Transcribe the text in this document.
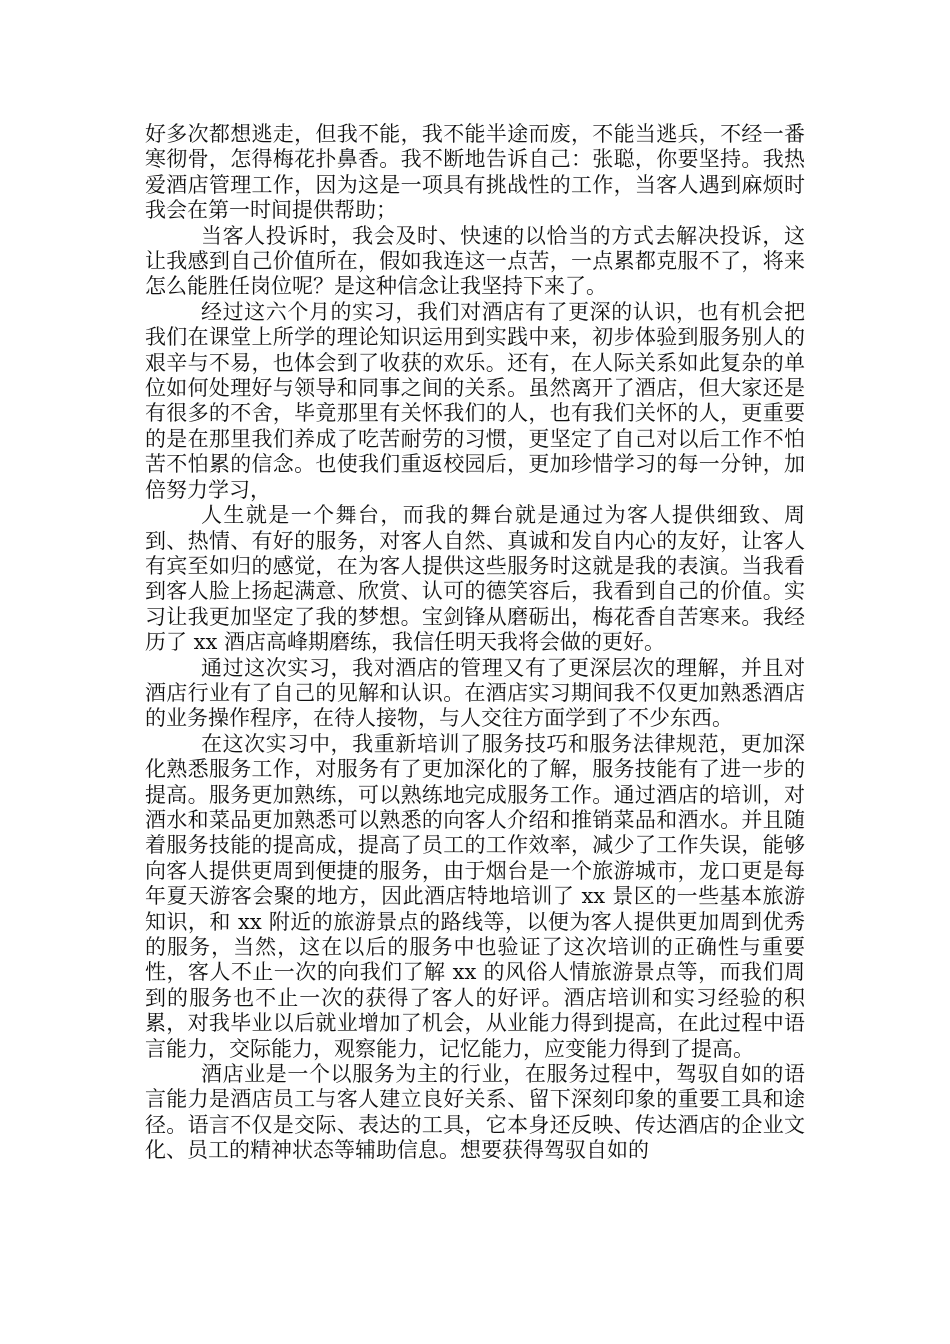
好多次都想逃走，但我不能，我不能半途而废，不能当逃兵，不经一番寒彻骨，怎得梅花扑鼻香。我不断地告诉自己：张聪，你要坚持。我热爱酒店管理工作，因为这是一项具有挑战性的工作，当客人遇到麻烦时我会在第一时间提供帮助；

当客人投诉时，我会及时、快速的以恰当的方式去解决投诉，这让我感到自己价值所在，假如我连这一点苦，一点累都克服不了，将来怎么能胜任岗位呢？是这种信念让我坚持下来了。

经过这六个月的实习，我们对酒店有了更深的认识，也有机会把我们在课堂上所学的理论知识运用到实践中来，初步体验到服务别人的艰辛与不易，也体会到了收获的欢乐。还有，在人际关系如此复杂的单位如何处理好与领导和同事之间的关系。虽然离开了酒店，但大家还是有很多的不舍，毕竟那里有关怀我们的人，也有我们关怀的人，更重要的是在那里我们养成了吃苦耐劳的习惯，更坚定了自己对以后工作不怕苦不怕累的信念。也使我们重返校园后，更加珍惜学习的每一分钟，加倍努力学习，

人生就是一个舞台，而我的舞台就是通过为客人提供细致、周到、热情、有好的服务，对客人自然、真诚和发自内心的友好，让客人有宾至如归的感觉，在为客人提供这些服务时这就是我的表演。当我看到客人脸上扬起满意、欣赏、认可的德笑容后，我看到自己的价值。实习让我更加坚定了我的梦想。宝剑锋从磨砺出，梅花香自苦寒来。我经历了 xx 酒店高峰期磨练，我信任明天我将会做的更好。

通过这次实习，我对酒店的管理又有了更深层次的理解，并且对酒店行业有了自己的见解和认识。在酒店实习期间我不仅更加熟悉酒店的业务操作程序，在待人接物，与人交往方面学到了不少东西。

在这次实习中，我重新培训了服务技巧和服务法律规范，更加深化熟悉服务工作，对服务有了更加深化的了解，服务技能有了进一步的提高。服务更加熟练，可以熟练地完成服务工作。通过酒店的培训，对酒水和菜品更加熟悉可以熟悉的向客人介绍和推销菜品和酒水。并且随着服务技能的提高成，提高了员工的工作效率，减少了工作失误，能够向客人提供更周到便捷的服务，由于烟台是一个旅游城市，龙口更是每年夏天游客会聚的地方，因此酒店特地培训了 xx 景区的一些基本旅游知识，和 xx 附近的旅游景点的路线等，以便为客人提供更加周到优秀的服务，当然，这在以后的服务中也验证了这次培训的正确性与重要性，客人不止一次的向我们了解 xx 的风俗人情旅游景点等，而我们周到的服务也不止一次的获得了客人的好评。酒店培训和实习经验的积累，对我毕业以后就业增加了机会，从业能力得到提高，在此过程中语言能力，交际能力，观察能力，记忆能力，应变能力得到了提高。

酒店业是一个以服务为主的行业，在服务过程中，驾驭自如的语言能力是酒店员工与客人建立良好关系、留下深刻印象的重要工具和途径。语言不仅是交际、表达的工具，它本身还反映、传达酒店的企业文化、员工的精神状态等辅助信息。想要获得驾驭自如的
